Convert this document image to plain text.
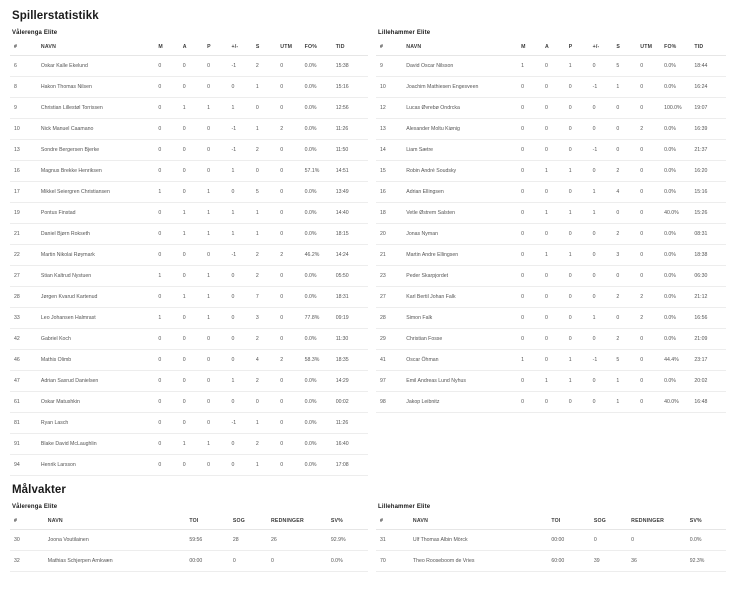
Spillerstatistikk
Vålerenga Elite
#	NAVN	M	A	P	+/-	S	UTM	FO%	TID
6	Oskar Kalle Ekelund	0	0	0	-1	2	0	0.0%	15:38
8	Hakon Thomas Nilsen	0	0	0	0	1	0	0.0%	15:16
9	Christian Lillestøl Torrissen	0	1	1	1	0	0	0.0%	12:56
10	Nick Manuel Caamano	0	0	0	-1	1	2	0.0%	11:26
13	Sondre Bergersen Bjerke	0	0	0	-1	2	0	0.0%	11:50
16	Magnus Brekke Henriksen	0	0	0	1	0	0	57.1%	14:51
17	Mikkel Seiergren Christiansen	1	0	1	0	5	0	0.0%	13:49
19	Pontus Finstad	0	1	1	1	1	0	0.0%	14:40
21	Daniel Bjørn Rokseth	0	1	1	1	1	0	0.0%	18:15
22	Martin Nikolai Røymark	0	0	0	-1	2	2	46.2%	14:24
27	Stian Kaltrud Nystuen	1	0	1	0	2	0	0.0%	05:50
28	Jørgen Kvarud Kartenud	0	1	1	0	7	0	0.0%	18:31
33	Leo Johansen Halmrast	1	0	1	0	3	0	77.8%	09:19
42	Gabriel Koch	0	0	0	0	2	0	0.0%	11:30
46	Mathis Olimb	0	0	0	0	4	2	58.3%	18:35
47	Adrian Saxrud Danielsen	0	0	0	1	2	0	0.0%	14:29
61	Oskar Matushkin	0	0	0	0	0	0	0.0%	00:02
81	Ryan Lasch	0	0	0	-1	1	0	0.0%	11:26
91	Blake David McLaughlin	0	1	1	0	2	0	0.0%	16:40
94	Henrik Larsson	0	0	0	0	1	0	0.0%	17:08
Lillehammer Elite
#	NAVN	M	A	P	+/-	S	UTM	FO%	TID
9	David Oscar Nilsson	1	0	1	0	5	0	0.0%	18:44
10	Joachim Mathiesen Engesveen	0	0	0	-1	1	0	0.0%	16:24
12	Lucas Øvrebø Ondrcka	0	0	0	0	0	0	100.0%	19:07
13	Alexander Moltu Kiønig	0	0	0	0	0	2	0.0%	16:39
14	Liam Sætre	0	0	0	-1	0	0	0.0%	21:37
15	Robin André Soudsky	0	1	1	0	2	0	0.0%	16:20
16	Adrian Ellingsen	0	0	0	1	4	0	0.0%	15:16
18	Vetle Østrem Salsten	0	1	1	1	0	0	40.0%	15:26
20	Jonas Nyman	0	0	0	0	2	0	0.0%	08:31
21	Martin Andre Ellingsen	0	1	1	0	3	0	0.0%	18:38
23	Peder Skarpjordet	0	0	0	0	0	0	0.0%	06:30
27	Karl Bertil Johan Falk	0	0	0	0	2	2	0.0%	21:12
28	Simon Falk	0	0	0	1	0	2	0.0%	16:56
29	Christian Fosse	0	0	0	0	2	0	0.0%	21:09
41	Oscar Öhman	1	0	1	-1	5	0	44.4%	23:17
97	Emil Andreas Lund Nyhus	0	1	1	0	1	0	0.0%	20:02
98	Jakop Leibnitz	0	0	0	0	1	0	40.0%	16:48
Målvakter
Vålerenga Elite
#	NAVN	TOI	SOG	REDNINGER	SV%
30	Joona Voutilainen	59:56	28	26	92.9%
32	Mathias Schjerpen Arnkvæn	00:00	0	0	0.0%
Lillehammer Elite
#	NAVN	TOI	SOG	REDNINGER	SV%
31	Ulf Thomas Albin Mörck	00:00	0	0	0.0%
70	Theo Rooseboom de Vries	60:00	39	36	92.3%
